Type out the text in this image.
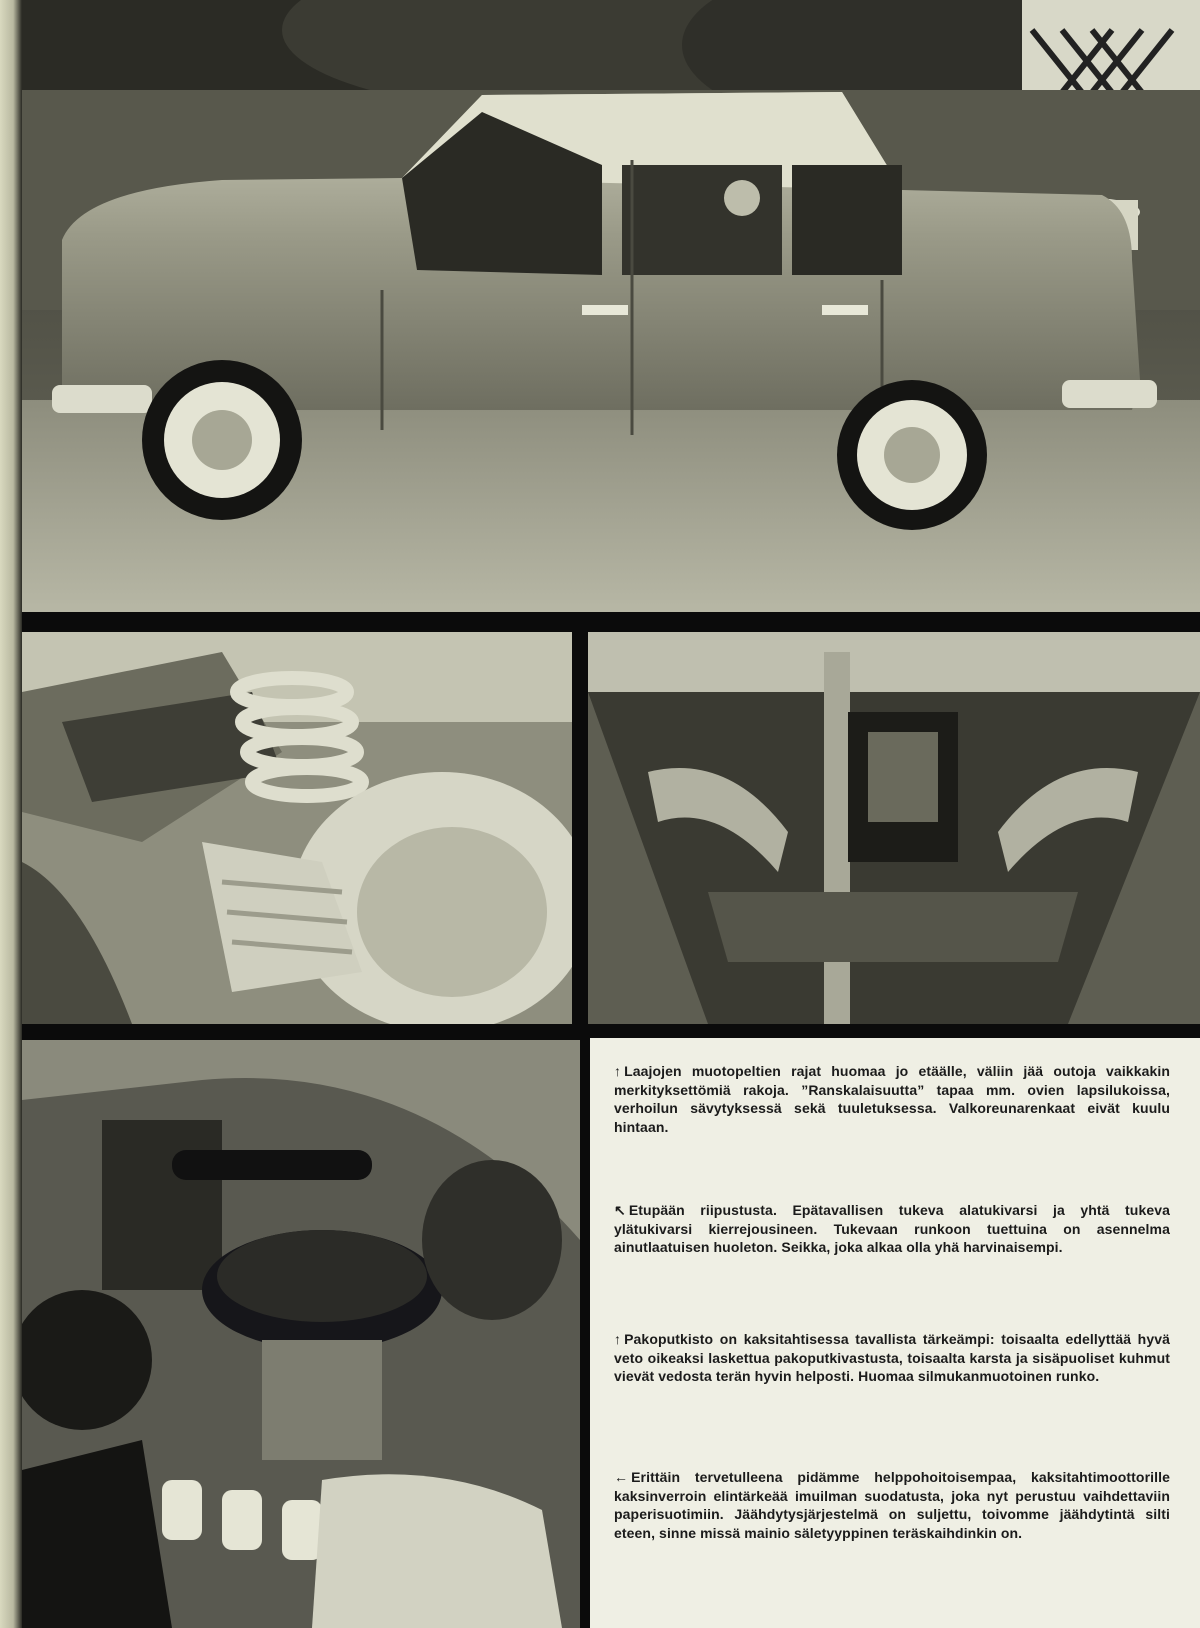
↑ Laajojen muotopeltien rajat huomaa jo etäälle, väliin jää outoja vaikkakin merkityksettömiä rakoja. ”Ranskalaisuutta” tapaa mm. ovien lapsilukoissa, verhoilun sävytyksessä sekä tuuletuksessa. Valkoreunarenkaat eivät kuulu hintaan.
↖ Etupään riipustusta. Epätavallisen tukeva alatukivarsi ja yhtä tukeva ylätukivarsi kierrejousineen. Tukevaan runkoon tuettuina on asennelma ainutlaatuisen huoleton. Seikka, joka alkaa olla yhä harvinaisempi.
↑ Pakoputkisto on kaksitahtisessa tavallista tärkeämpi: toisaalta edellyttää hyvä veto oikeaksi laskettua pakoputkivastusta, toisaalta karsta ja sisäpuoliset kuhmut vievät vedosta terän hyvin helposti. Huomaa silmukanmuotoinen runko.
← Erittäin tervetulleena pidämme helppohoitoisempaa, kaksitahtimoottorille kaksinverroin elintärkeää imuilman suodatusta, joka nyt perustuu vaihdettaviin paperisuotimiin. Jäähdytysjärjestelmä on suljettu, toivomme jäähdytintä silti eteen, sinne missä mainio säletyyppinen teräskaihdinkin on.
